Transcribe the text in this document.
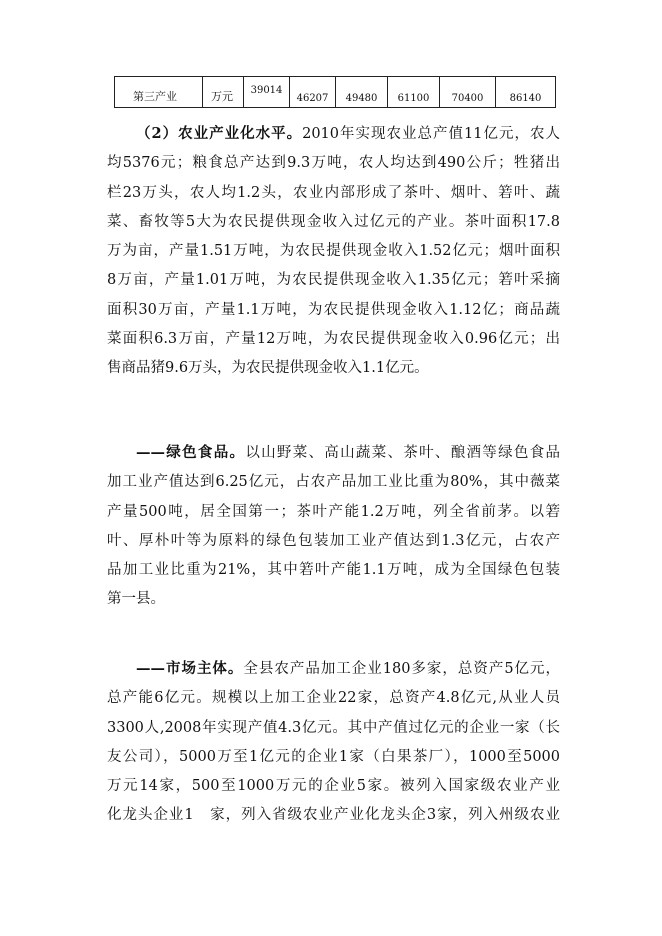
第三产业	万元	39014	46207	49480	61100	70400	86140
（2）农业产业化水平。2010年实现农业总产值11亿元，农人
均5376元；粮食总产达到9.3万吨，农人均达到490公斤；牲猪出
栏23万头，农人均1.2头，农业内部形成了茶叶、烟叶、箬叶、蔬
菜、畜牧等5大为农民提供现金收入过亿元的产业。茶叶面积17.8
万为亩，产量1.51万吨，为农民提供现金收入1.52亿元；烟叶面积
8万亩，产量1.01万吨，为农民提供现金收入1.35亿元；箬叶采摘
面积30万亩，产量1.1万吨，为农民提供现金收入1.12亿；商品蔬
菜面积6.3万亩，产量12万吨，为农民提供现金收入0.96亿元；出
售商品猪9.6万头，为农民提供现金收入1.1亿元。
——绿色食品。以山野菜、高山蔬菜、茶叶、酿酒等绿色食品
加工业产值达到6.25亿元，占农产品加工业比重为80%，其中薇菜
产量500吨，居全国第一；茶叶产能1.2万吨，列全省前茅。以箬
叶、厚朴叶等为原料的绿色包装加工业产值达到1.3亿元，占农产
品加工业比重为21%，其中箬叶产能1.1万吨，成为全国绿色包装
第一县。
——市场主体。全县农产品加工企业180多家，总资产5亿元，
总产能6亿元。规模以上加工企业22家，总资产4.8亿元,从业人员
3300人,2008年实现产值4.3亿元。其中产值过亿元的企业一家（长
友公司），5000万至1亿元的企业1家（白果茶厂），1000至5000
万元14家，500至1000万元的企业5家。被列入国家级农业产业
化龙头企业1　家，列入省级农业产业化龙头企3家，列入州级农业
